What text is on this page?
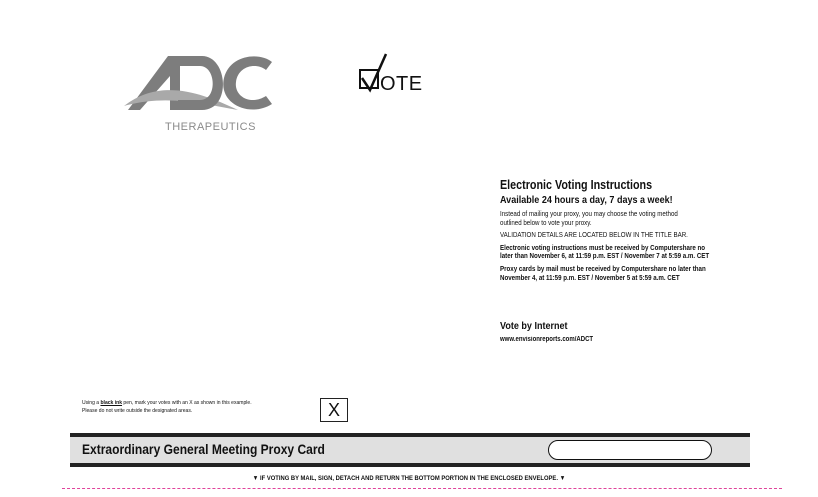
THERAPEUTICS
OTE
Electronic Voting Instructions
Available 24 hours a day, 7 days a week!
Instead of mailing your proxy, you may choose the voting method
outlined below to vote your proxy.
VALIDATION DETAILS ARE LOCATED BELOW IN THE TITLE BAR.
Electronic voting instructions must be received by Computershare no
later than November 6, at 11:59 p.m. EST / November 7 at 5:59 a.m. CET
Proxy cards by mail must be received by Computershare no later than
November 4, at 11:59 p.m. EST / November 5 at 5:59 a.m. CET
Vote by Internet
www.envisionreports.com/ADCT
Using a black ink pen, mark your votes with an X as shown in this example.
Please do not write outside the designated areas.	X
Extraordinary General Meeting Proxy Card
▼ IF VOTING BY MAIL, SIGN, DETACH AND RETURN THE BOTTOM PORTION IN THE ENCLOSED ENVELOPE. ▼
